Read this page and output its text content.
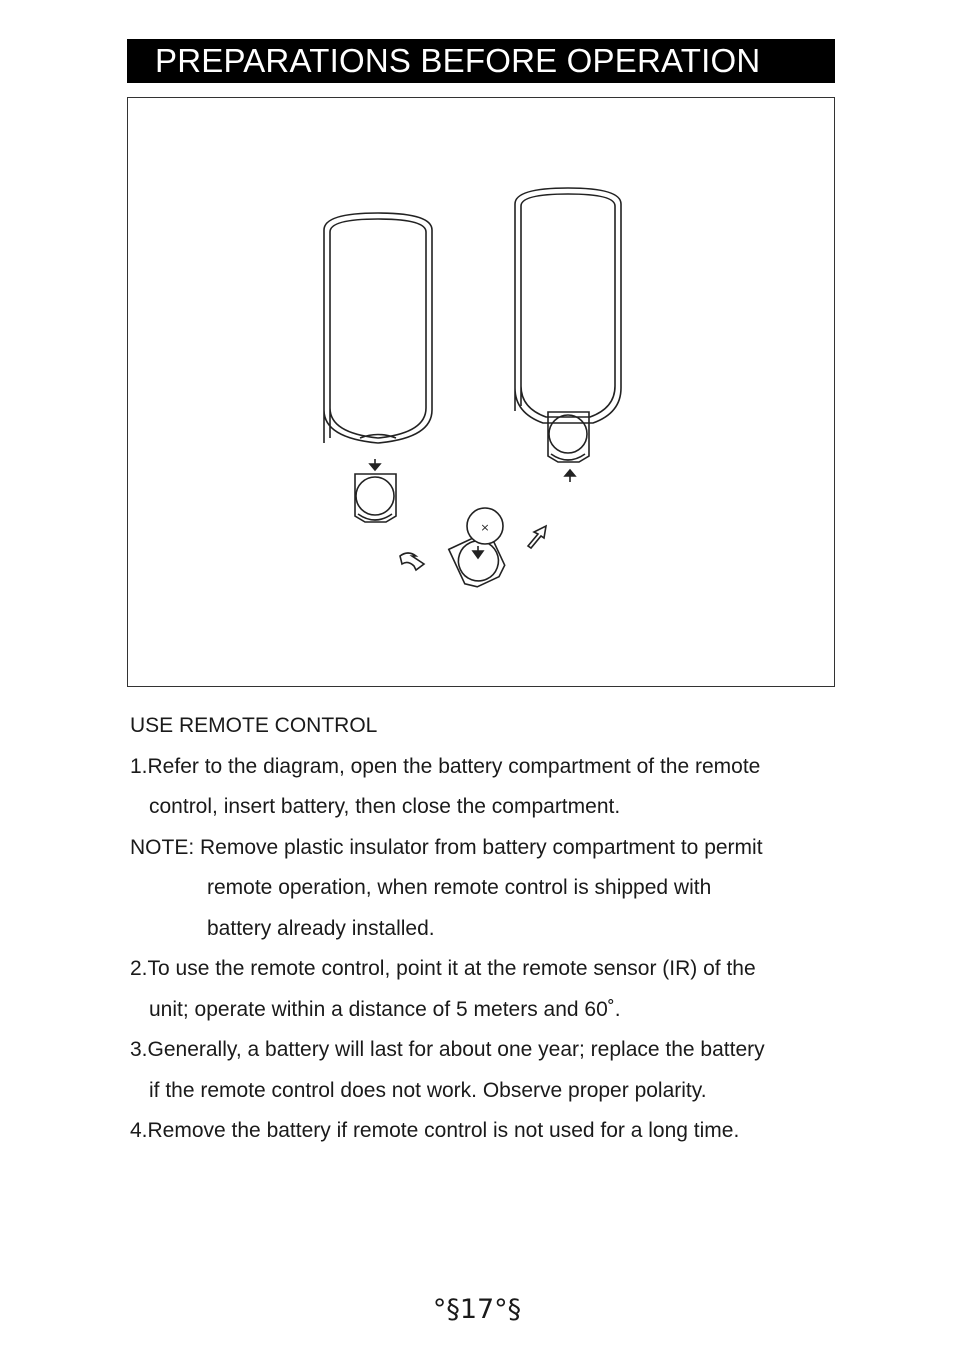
PREPARATIONS BEFORE OPERATION
×
USE REMOTE CONTROL
1.Refer to the diagram, open the battery compartment of the remote
control, insert battery, then close the compartment.
NOTE: Remove plastic insulator from battery compartment to permit
remote operation, when remote control is shipped with
battery already installed.
2.To use the remote control, point it at the remote sensor (IR) of the
unit; operate within a distance of 5 meters and 60˚.
3.Generally, a battery will last for about one year; replace the battery
if the remote control does not work. Observe proper polarity.
4.Remove the battery if remote control is not used for a long time.
°§17°§
